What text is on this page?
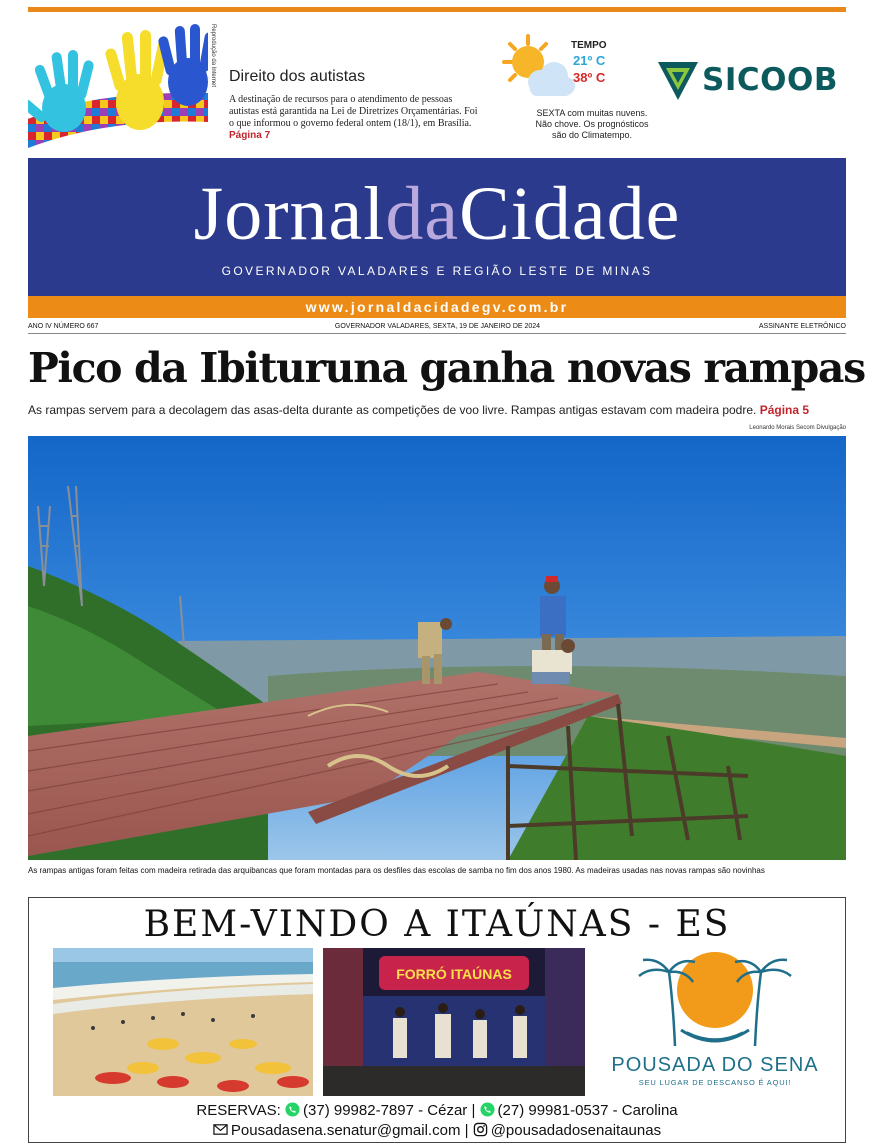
Reprodução da Internet Direito dos autistas
A destinação de recursos para o atendimento de pessoas autistas está garantida na Lei de Diretrizes Orçamentárias. Foi o que informou o governo federal ontem (18/1), em Brasília. Página 7
TEMPO
21º C
38º C
SEXTA com muitas nuvens. Não chove. Os prognósticos são do Climatempo.
SICOOB
JornaldaCidade
GOVERNADOR VALADARES E REGIÃO LESTE DE MINAS
www.jornaldacidadegv.com.br
ANO IV NÚMERO 667	GOVERNADOR VALADARES, SEXTA, 19 DE JANEIRO DE 2024	ASSINANTE ELETRÔNICO
Pico da Ibituruna ganha novas rampas
As rampas servem para a decolagem das asas-delta durante as competições de voo livre. Rampas antigas estavam com madeira podre. Página 5
Leonardo Morais Secom Divulgação
As rampas antigas foram feitas com madeira retirada das arquibancas que foram montadas para os desfiles das escolas de samba no fim dos anos 1980. As madeiras usadas nas novas rampas são novinhas
BEM-VINDO A ITAÚNAS - ES
FORRÓ ITAÚNAS
POUSADA DO SENA
SEU LUGAR DE DESCANSO É AQUI!
RESERVAS: (37) 99982-7897 - Cézar | (27) 99981-0537 - Carolina
Pousadasena.senatur@gmail.com | @pousadadosenaitaunas
